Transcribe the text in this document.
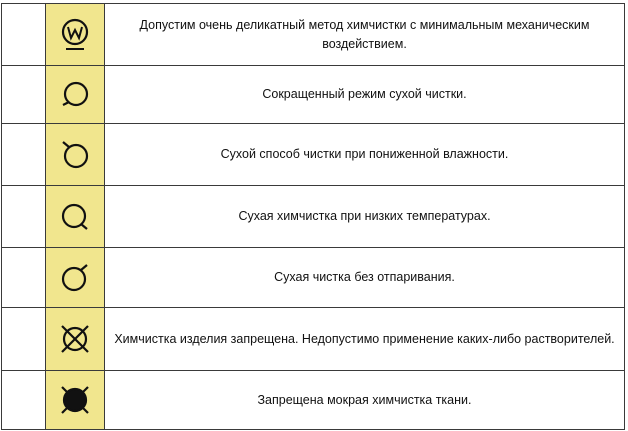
	Допустим очень деликатный метод химчистки с минимальным механическим воздействием.

	Сокращенный режим сухой чистки.

	Сухой способ чистки при пониженной влажности.

	Сухая химчистка при низких температурах.

	Сухая чистка без отпаривания.

	Химчистка изделия запрещена. Недопустимо применение каких-либо растворителей.

	Запрещена мокрая химчистка ткани.
